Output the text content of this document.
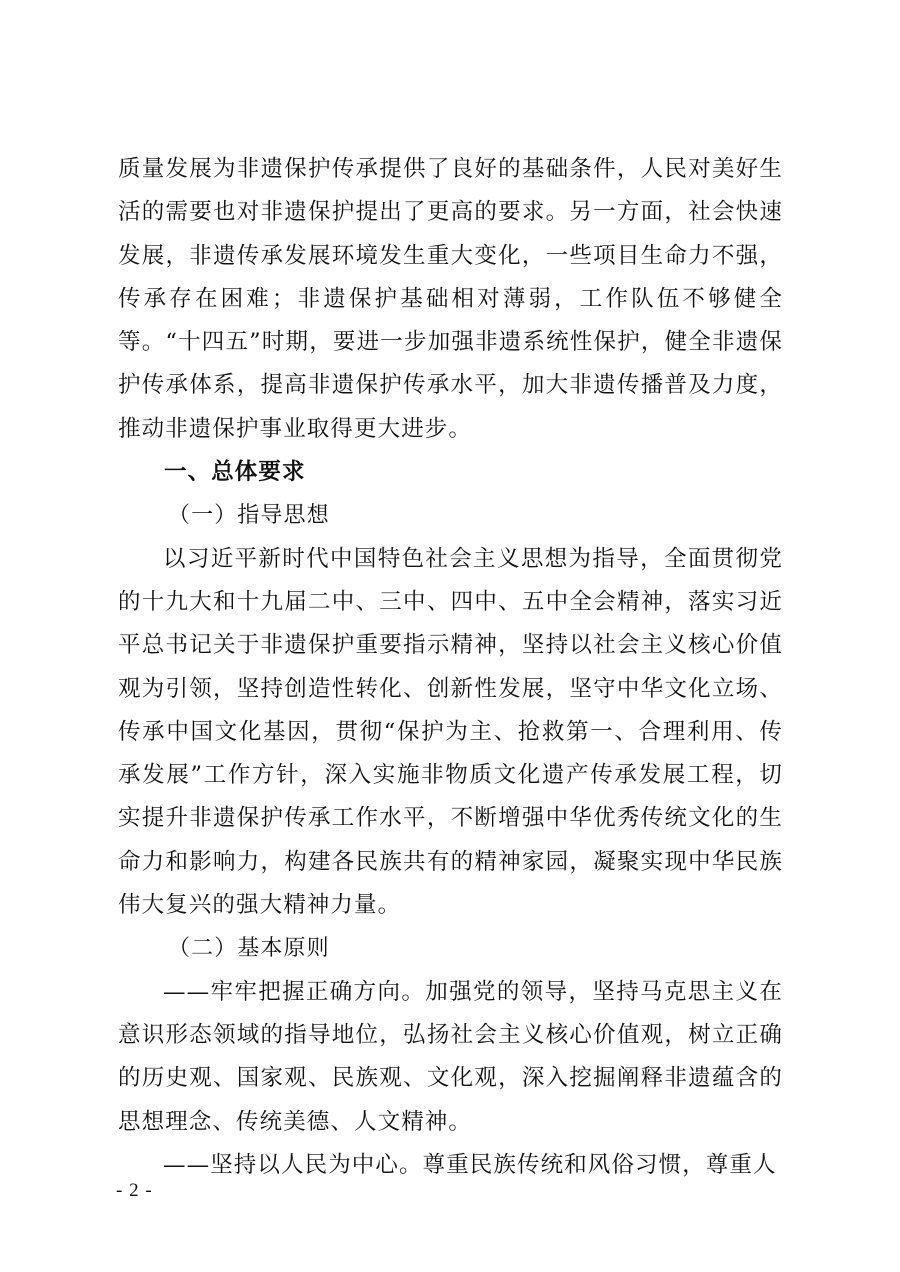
质量发展为非遗保护传承提供了良好的基础条件，人民对美好生活的需要也对非遗保护提出了更高的要求。另一方面，社会快速发展，非遗传承发展环境发生重大变化，一些项目生命力不强，传承存在困难；非遗保护基础相对薄弱，工作队伍不够健全等。“十四五”时期，要进一步加强非遗系统性保护，健全非遗保护传承体系，提高非遗保护传承水平，加大非遗传播普及力度，推动非遗保护事业取得更大进步。

一、总体要求

（一）指导思想

以习近平新时代中国特色社会主义思想为指导，全面贯彻党的十九大和十九届二中、三中、四中、五中全会精神，落实习近平总书记关于非遗保护重要指示精神，坚持以社会主义核心价值观为引领，坚持创造性转化、创新性发展，坚守中华文化立场、传承中国文化基因，贯彻“保护为主、抢救第一、合理利用、传承发展”工作方针，深入实施非物质文化遗产传承发展工程，切实提升非遗保护传承工作水平，不断增强中华优秀传统文化的生命力和影响力，构建各民族共有的精神家园，凝聚实现中华民族伟大复兴的强大精神力量。

（二）基本原则

——牢牢把握正确方向。加强党的领导，坚持马克思主义在意识形态领域的指导地位，弘扬社会主义核心价值观，树立正确的历史观、国家观、民族观、文化观，深入挖掘阐释非遗蕴含的思想理念、传统美德、人文精神。

——坚持以人民为中心。尊重民族传统和风俗习惯，尊重人

- 2 -
